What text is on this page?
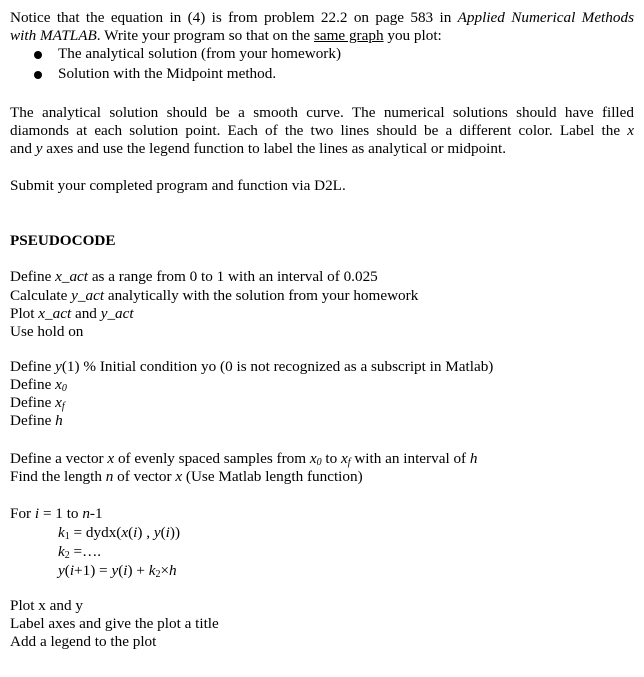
Notice that the equation in (4) is from problem 22.2 on page 583 in Applied Numerical Methods
with MATLAB. Write your program so that on the same graph you plot:
The analytical solution (from your homework)
Solution with the Midpoint method.
The analytical solution should be a smooth curve. The numerical solutions should have filled
diamonds at each solution point. Each of the two lines should be a different color. Label the x
and y axes and use the legend function to label the lines as analytical or midpoint.
Submit your completed program and function via D2L.
PSEUDOCODE
Define x_act as a range from 0 to 1 with an interval of 0.025
Calculate y_act analytically with the solution from your homework
Plot x_act and y_act
Use hold on
Define y(1) % Initial condition yo (0 is not recognized as a subscript in Matlab)
Define $x_0$
Define $x_f$
Define h
Define a vector x of evenly spaced samples from $x_0$ to $x_f$ with an interval of h
Find the length n of vector x (Use Matlab length function)
For i = 1 to n-1
$k_1$ = dydx(x(i) , y(i))
$k_2$ =….
$y(i+1) = y(i) + k_2\times h$
Plot x and y
Label axes and give the plot a title
Add a legend to the plot
